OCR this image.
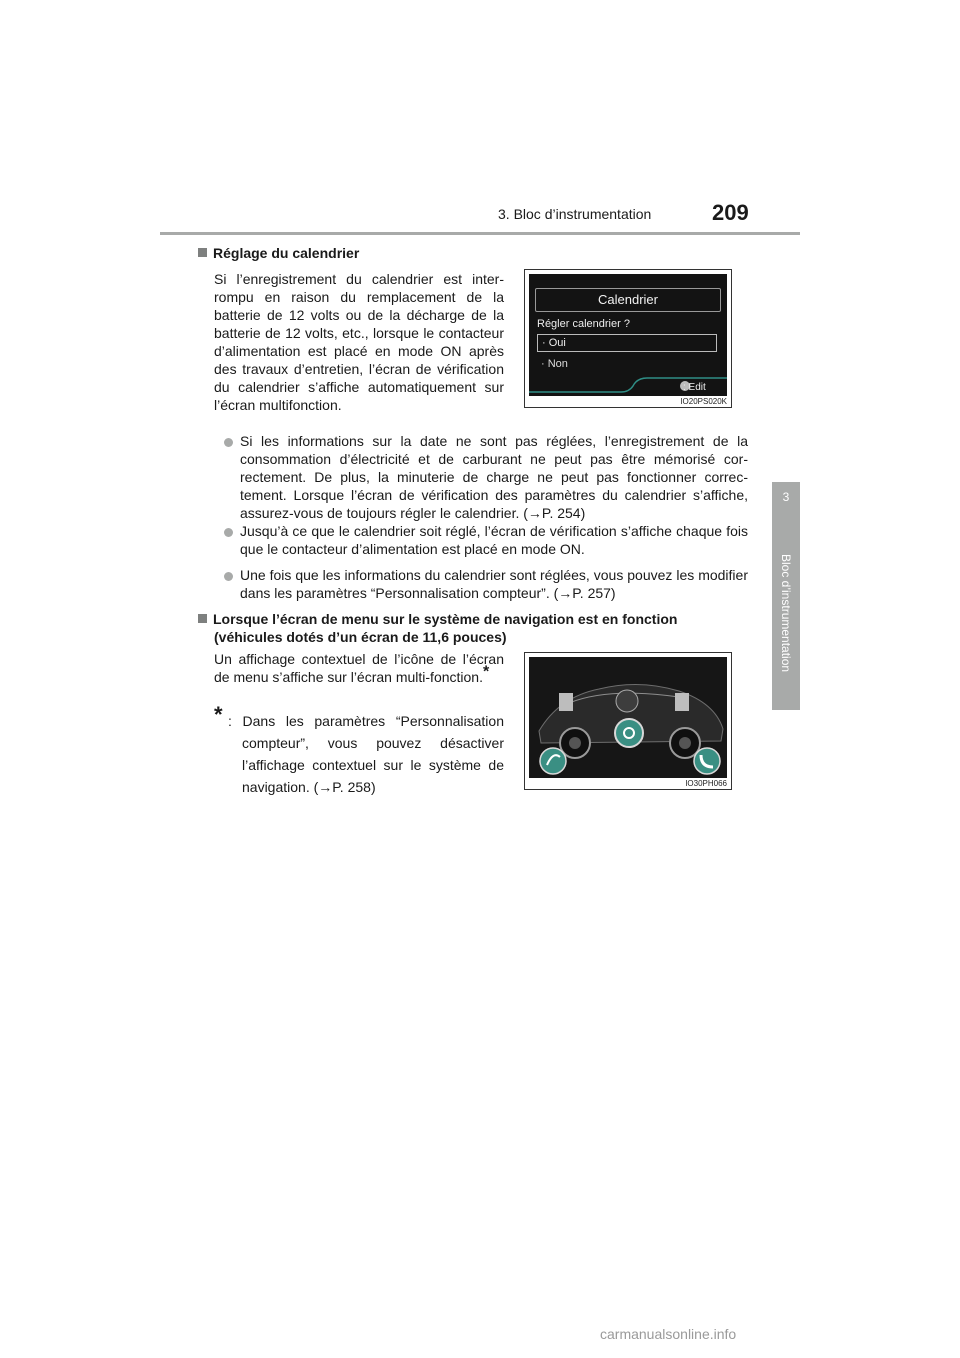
3. Bloc d’instrumentation	209
3
Bloc d’instrumentation
Réglage du calendrier
Si l’enregistrement du calendrier est inter-rompu en raison du remplacement de la batterie de 12 volts ou de la décharge de la batterie de 12 volts, etc., lorsque le contacteur d’alimentation est placé en mode ON après des travaux d’entretien, l’écran de vérification du calendrier s’affiche automatiquement sur l’écran multifonction.
Calendrier
Régler calendrier ?
· Oui
· Non
: Edit
IO20PS020K
Si les informations sur la date ne sont pas réglées, l’enregistrement de la consommation d’électricité et de carburant ne peut pas être mémorisé cor-rectement. De plus, la minuterie de charge ne peut pas fonctionner correc-tement. Lorsque l’écran de vérification des paramètres du calendrier s’affiche, assurez-vous de toujours régler le calendrier. (→P. 254)
Jusqu’à ce que le calendrier soit réglé, l’écran de vérification s’affiche chaque fois que le contacteur d’alimentation est placé en mode ON.
Une fois que les informations du calendrier sont réglées, vous pouvez les modifier dans les paramètres “Personnalisation compteur”. (→P. 257)
Lorsque l’écran de menu sur le système de navigation est en fonction (véhicules dotés d’un écran de 11,6 pouces)
Un affichage contextuel de l’icône de l’écran de menu s’affiche sur l’écran multi-fonction.*
* : Dans les paramètres “Personnalisation compteur”, vous pouvez désactiver l’affichage contextuel sur le système de navigation. (→P. 258)	IO30PH066
carmanualsonline.info
